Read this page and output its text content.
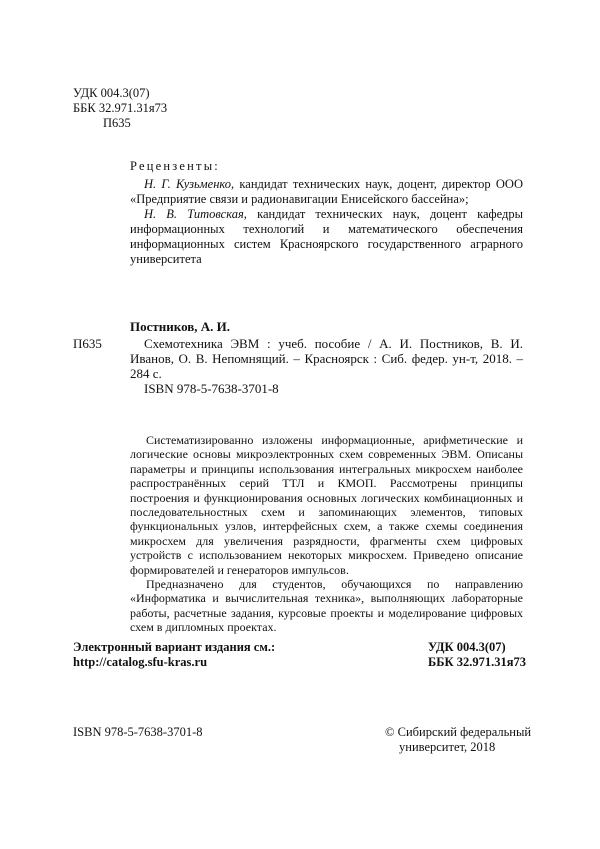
УДК 004.3(07)
ББК 32.971.31я73
П635
Рецензенты:

Н. Г. Кузьменко, кандидат технических наук, доцент, директор ООО «Предприятие связи и радионавигации Енисейского бассейна»;

Н. В. Титовская, кандидат технических наук, доцент кафедры информационных технологий и математического обеспечения информационных систем Красноярского государственного аграрного университета

Постников, А. И.
П635	Схемотехника ЭВМ : учеб. пособие / А. И. Постников, В. И. Иванов, О. В. Непомнящий. – Красноярск : Сиб. федер. ун-т, 2018. – 284 с.
ISBN 978-5-7638-3701-8

Систематизированно изложены информационные, арифметические и логические основы микроэлектронных схем современных ЭВМ. Описаны параметры и принципы использования интегральных микросхем наиболее распространённых серий ТТЛ и КМОП. Рассмотрены принципы построения и функционирования основных логических комбинационных и последовательностных схем и запоминающих элементов, типовых функциональных узлов, интерфейсных схем, а также схемы соединения микросхем для увеличения разрядности, фрагменты схем цифровых устройств с использованием некоторых микросхем. Приведено описание формирователей и генераторов импульсов.

Предназначено для студентов, обучающихся по направлению «Информатика и вычислительная техника», выполняющих лабораторные работы, расчетные задания, курсовые проекты и моделирование цифровых схем в дипломных проектах.

Электронный вариант издания см.:
http://catalog.sfu-kras.ru
УДК 004.3(07)
ББК 32.971.31я73
ISBN 978-5-7638-3701-8	© Сибирский федеральный
университет, 2018
